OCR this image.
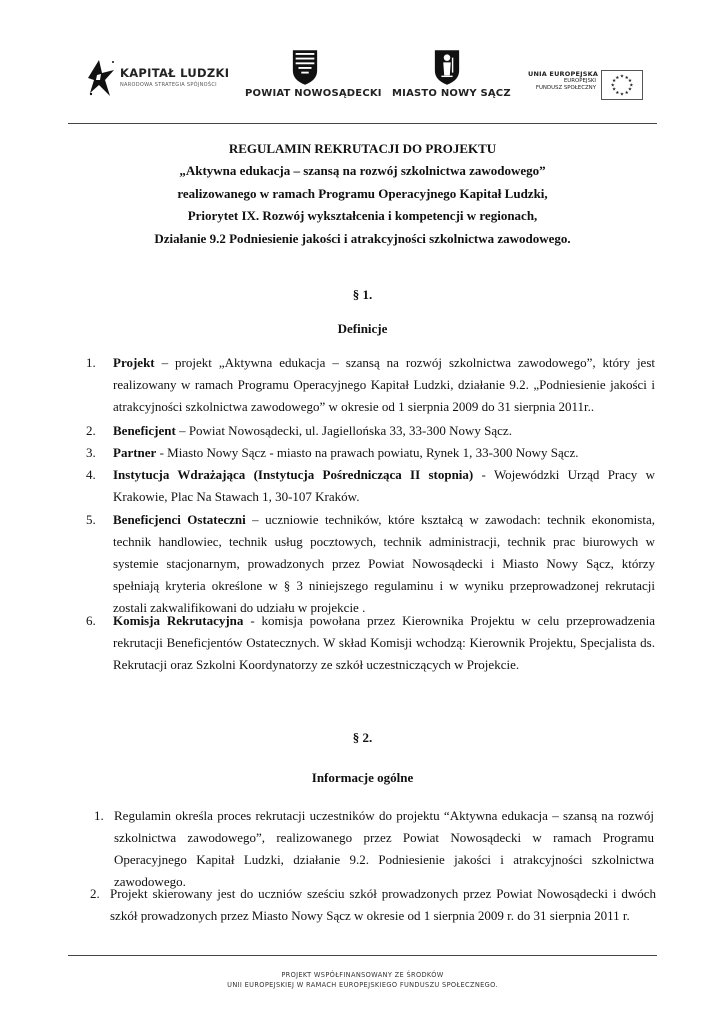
KAPITAŁ LUDZKI
NARODOWA STRATEGIA SPÓJNOŚCI
POWIAT NOWOSĄDECKI MIASTO NOWY SĄCZ
UNIA EUROPEJSKA
EUROPEJSKI
FUNDUSZ SPOŁECZNY
★ ★
★
★
★
★
★
★
★
★
★
★
REGULAMIN REKRUTACJI DO PROJEKTU
„Aktywna edukacja – szansą na rozwój szkolnictwa zawodowego”
realizowanego w ramach Programu Operacyjnego Kapitał Ludzki,
Priorytet IX. Rozwój wykształcenia i kompetencji w regionach,
Działanie 9.2 Podniesienie jakości i atrakcyjności szkolnictwa zawodowego.
§ 1.
Definicje
1. Projekt – projekt „Aktywna edukacja – szansą na rozwój szkolnictwa zawodowego”, który jest realizowany w ramach Programu Operacyjnego Kapitał Ludzki, działanie 9.2. „Podniesienie jakości i atrakcyjności szkolnictwa zawodowego” w okresie od 1 sierpnia 2009 do 31 sierpnia 2011r..
2. Beneficjent – Powiat Nowosądecki, ul. Jagiellońska 33, 33-300 Nowy Sącz.
3. Partner - Miasto Nowy Sącz - miasto na prawach powiatu, Rynek 1, 33-300 Nowy Sącz.
4. Instytucja Wdrażająca (Instytucja Pośrednicząca II stopnia) - Wojewódzki Urząd Pracy w Krakowie, Plac Na Stawach 1, 30-107 Kraków.
5. Beneficjenci Ostateczni – uczniowie techników, które kształcą w zawodach: technik ekonomista, technik handlowiec, technik usług pocztowych, technik administracji, technik prac biurowych w systemie stacjonarnym, prowadzonych przez Powiat Nowosądecki i Miasto Nowy Sącz, którzy spełniają kryteria określone w § 3 niniejszego regulaminu i w wyniku przeprowadzonej rekrutacji zostali zakwalifikowani do udziału w projekcie .
6. Komisja Rekrutacyjna - komisja powołana przez Kierownika Projektu w celu przeprowadzenia rekrutacji Beneficjentów Ostatecznych. W skład Komisji wchodzą: Kierownik Projektu, Specjalista ds. Rekrutacji oraz Szkolni Koordynatorzy ze szkół uczestniczących w Projekcie.
§ 2.
Informacje ogólne
1. Regulamin określa proces rekrutacji uczestników do projektu “Aktywna edukacja – szansą na rozwój szkolnictwa zawodowego”, realizowanego przez Powiat Nowosądecki w ramach Programu Operacyjnego Kapitał Ludzki, działanie 9.2. Podniesienie jakości i atrakcyjności szkolnictwa zawodowego.
2. Projekt skierowany jest do uczniów sześciu szkół prowadzonych przez Powiat Nowosądecki i dwóch szkół prowadzonych przez Miasto Nowy Sącz w okresie od 1 sierpnia 2009 r. do 31 sierpnia 2011 r.
PROJEKT WSPÓŁFINANSOWANY ZE ŚRODKÓW
UNII EUROPEJSKIEJ W RAMACH EUROPEJSKIEGO FUNDUSZU SPOŁECZNEGO.
